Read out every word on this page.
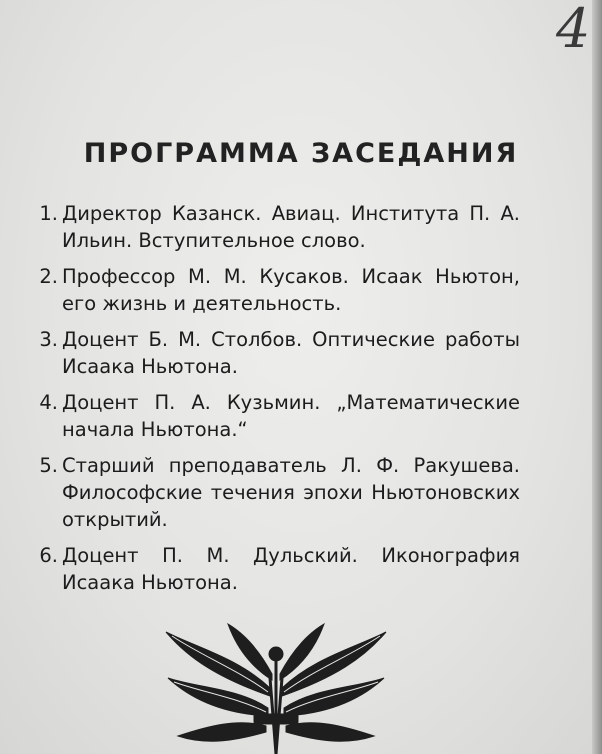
4
ПРОГРАММА ЗАСЕДАНИЯ
1. Директор Казанск. Авиац. Института П. А. Ильин. Вступительное слово.
2. Профессор М. М. Кусаков. Исаак Ньютон, его жизнь и деятельность.
3. Доцент Б. М. Столбов. Оптические работы Исаака Ньютона.
4. Доцент П. А. Кузьмин. „Математические начала Ньютона.“
5. Старший преподаватель Л. Ф. Ракушева. Философские течения эпохи Ньютоновских открытий.
6. Доцент П. М. Дульский. Иконография Исаака Ньютона.
